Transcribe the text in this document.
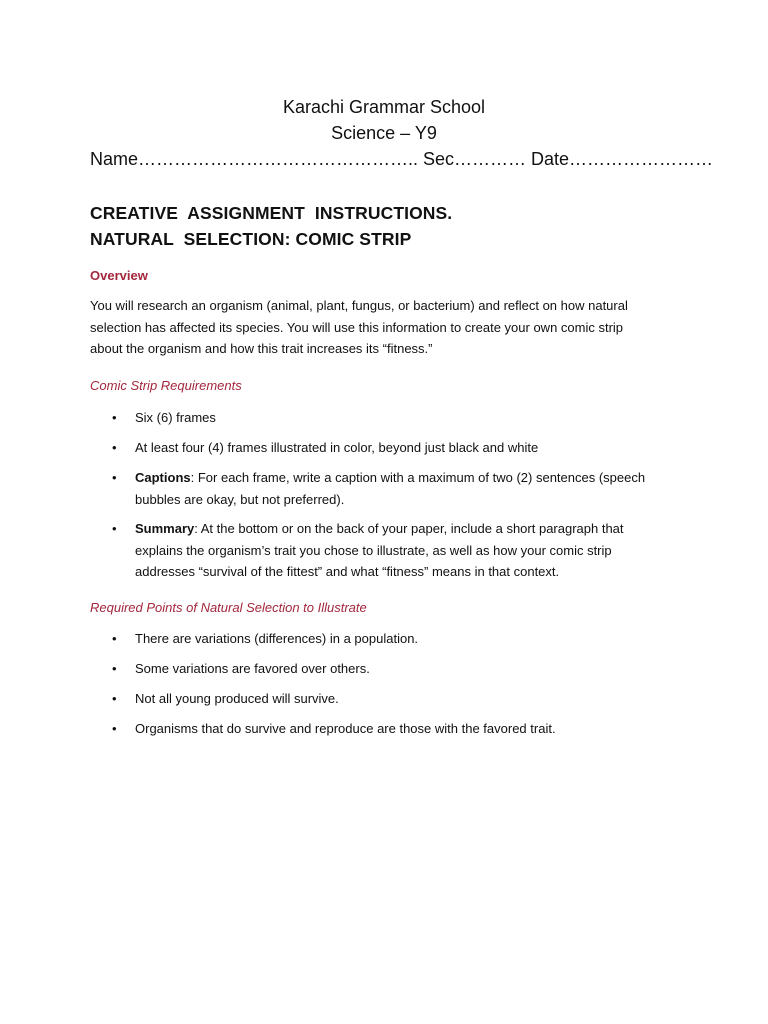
Karachi Grammar School
Science – Y9
Name……………………………………….. Sec………… Date……………………
CREATIVE  ASSIGNMENT  INSTRUCTIONS.
NATURAL  SELECTION: COMIC STRIP
Overview

You will research an organism (animal, plant, fungus, or bacterium) and reflect on how natural selection has affected its species. You will use this information to create your own comic strip about the organism and how this trait increases its “fitness.”

Comic Strip Requirements
•	Six (6) frames
•	At least four (4) frames illustrated in color, beyond just black and white
•	Captions: For each frame, write a caption with a maximum of two (2) sentences (speech bubbles are okay, but not preferred).
•	Summary: At the bottom or on the back of your paper, include a short paragraph that explains the organism’s trait you chose to illustrate, as well as how your comic strip addresses “survival of the fittest” and what “fitness” means in that context.
Required Points of Natural Selection to Illustrate
•	There are variations (differences) in a population.
•	Some variations are favored over others.
•	Not all young produced will survive.
•	Organisms that do survive and reproduce are those with the favored trait.
